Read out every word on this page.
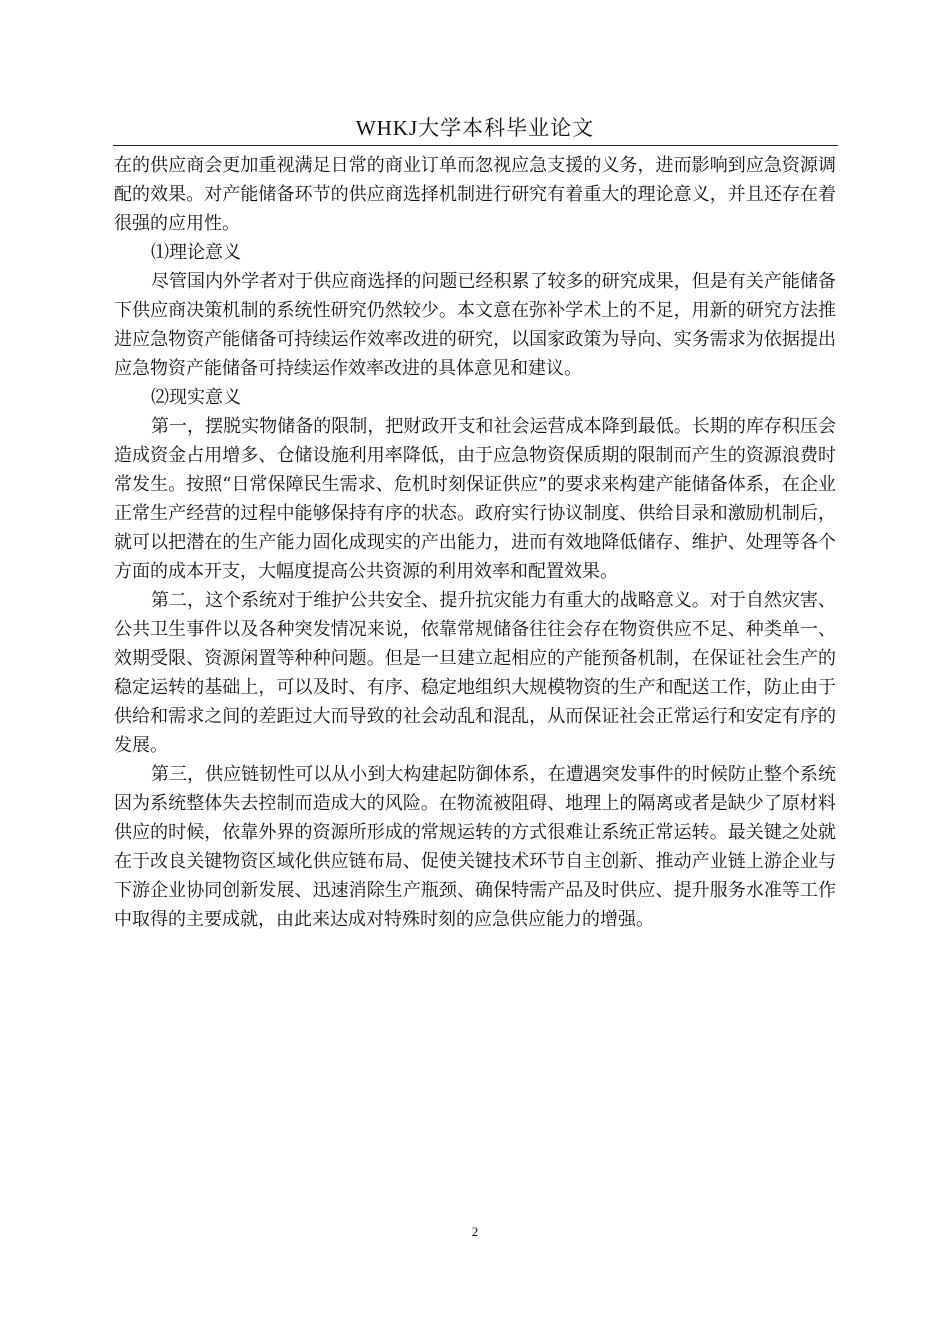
WHKJ大学本科毕业论文

在的供应商会更加重视满足日常的商业订单而忽视应急支援的义务，进而影响到应急资源调配的效果。对产能储备环节的供应商选择机制进行研究有着重大的理论意义，并且还存在着很强的应用性。

⑴理论意义

尽管国内外学者对于供应商选择的问题已经积累了较多的研究成果，但是有关产能储备下供应商决策机制的系统性研究仍然较少。本文意在弥补学术上的不足，用新的研究方法推进应急物资产能储备可持续运作效率改进的研究，以国家政策为导向、实务需求为依据提出应急物资产能储备可持续运作效率改进的具体意见和建议。

⑵现实意义

第一，摆脱实物储备的限制，把财政开支和社会运营成本降到最低。长期的库存积压会造成资金占用增多、仓储设施利用率降低，由于应急物资保质期的限制而产生的资源浪费时常发生。按照“日常保障民生需求、危机时刻保证供应”的要求来构建产能储备体系，在企业正常生产经营的过程中能够保持有序的状态。政府实行协议制度、供给目录和激励机制后，就可以把潜在的生产能力固化成现实的产出能力，进而有效地降低储存、维护、处理等各个方面的成本开支，大幅度提高公共资源的利用效率和配置效果。

第二，这个系统对于维护公共安全、提升抗灾能力有重大的战略意义。对于自然灾害、公共卫生事件以及各种突发情况来说，依靠常规储备往往会存在物资供应不足、种类单一、效期受限、资源闲置等种种问题。但是一旦建立起相应的产能预备机制，在保证社会生产的稳定运转的基础上，可以及时、有序、稳定地组织大规模物资的生产和配送工作，防止由于供给和需求之间的差距过大而导致的社会动乱和混乱，从而保证社会正常运行和安定有序的发展。

第三，供应链韧性可以从小到大构建起防御体系，在遭遇突发事件的时候防止整个系统因为系统整体失去控制而造成大的风险。在物流被阻碍、地理上的隔离或者是缺少了原材料供应的时候，依靠外界的资源所形成的常规运转的方式很难让系统正常运转。最关键之处就在于改良关键物资区域化供应链布局、促使关键技术环节自主创新、推动产业链上游企业与下游企业协同创新发展、迅速消除生产瓶颈、确保特需产品及时供应、提升服务水准等工作中取得的主要成就，由此来达成对特殊时刻的应急供应能力的增强。

2
